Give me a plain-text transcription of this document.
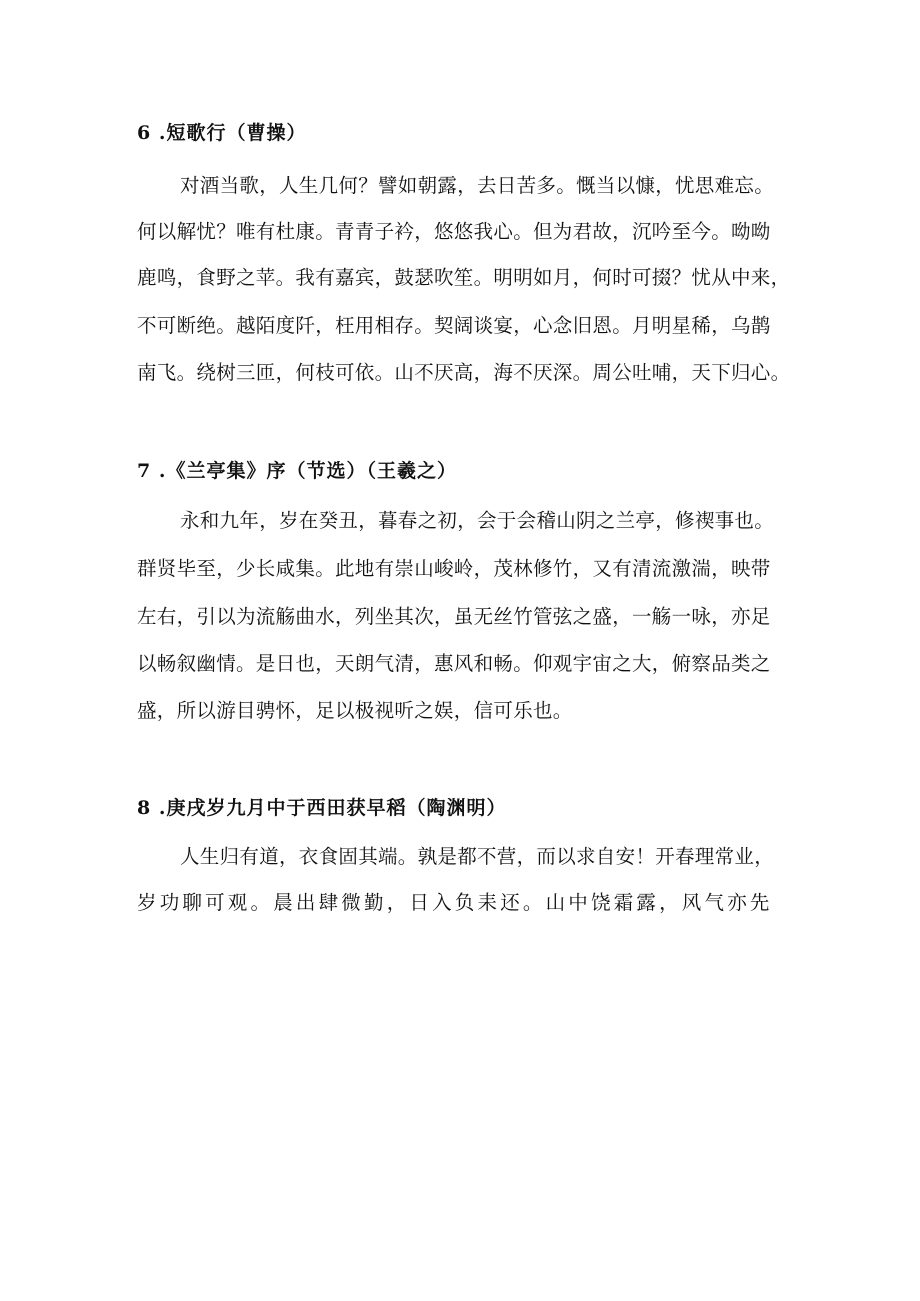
6 .短歌行（曹操）
对酒当歌，人生几何？譬如朝露，去日苦多。慨当以慷，忧思难忘。
何以解忧？唯有杜康。青青子衿，悠悠我心。但为君故，沉吟至今。呦呦
鹿鸣，食野之苹。我有嘉宾，鼓瑟吹笙。明明如月，何时可掇？忧从中来，
不可断绝。越陌度阡，枉用相存。契阔谈宴，心念旧恩。月明星稀，乌鹊
南飞。绕树三匝，何枝可依。山不厌高，海不厌深。周公吐哺，天下归心。
7 .《兰亭集》序（节选）（王羲之）
永和九年，岁在癸丑，暮春之初，会于会稽山阴之兰亭，修禊事也。
群贤毕至，少长咸集。此地有崇山峻岭，茂林修竹，又有清流激湍，映带
左右，引以为流觞曲水，列坐其次，虽无丝竹管弦之盛，一觞一咏，亦足
以畅叙幽情。是日也，天朗气清，惠风和畅。仰观宇宙之大，俯察品类之
盛，所以游目骋怀，足以极视听之娱，信可乐也。
8 .庚戌岁九月中于西田获早稻（陶渊明）
人生归有道，衣食固其端。孰是都不营，而以求自安！开春理常业，
岁功聊可观。晨出肆微勤，日入负耒还。山中饶霜露，风气亦先
